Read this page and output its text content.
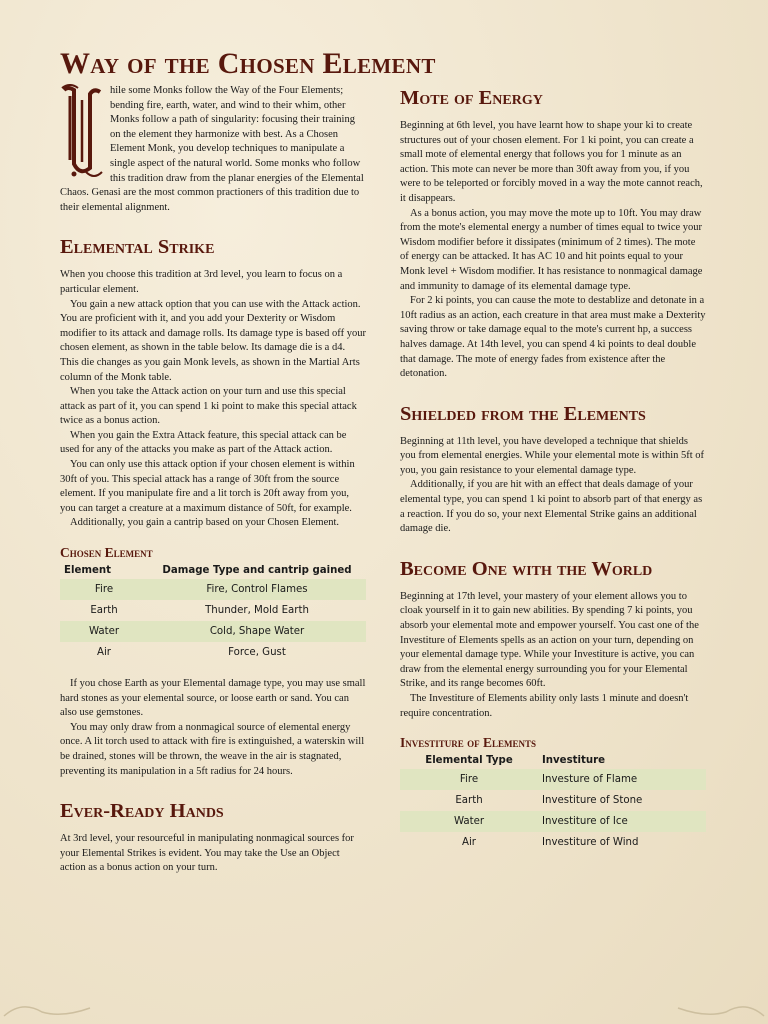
Way of the Chosen Element

hile some Monks follow the Way of the Four Elements; bending fire, earth, water, and wind to their whim, other Monks follow a path of singularity: focusing their training on the element they harmonize with best. As a Chosen Element Monk, you develop techniques to manipulate a single aspect of the natural world. Some monks who follow this tradition draw from the planar energies of the Elemental Chaos. Genasi are the most common practioners of this tradition due to their elemental alignment.

Elemental Strike

When you choose this tradition at 3rd level, you learn to focus on a particular element.

You gain a new attack option that you can use with the Attack action. You are proficient with it, and you add your Dexterity or Wisdom modifier to its attack and damage rolls. Its damage type is based off your chosen element, as shown in the table below. Its damage die is a d4. This die changes as you gain Monk levels, as shown in the Martial Arts column of the Monk table.

When you take the Attack action on your turn and use this special attack as part of it, you can spend 1 ki point to make this special attack twice as a bonus action.

When you gain the Extra Attack feature, this special attack can be used for any of the attacks you make as part of the Attack action.

You can only use this attack option if your chosen element is within 30ft of you. This special attack has a range of 30ft from the source element. If you manipulate fire and a lit torch is 20ft away from you, you can target a creature at a maximum distance of 50ft, for example.

Additionally, you gain a cantrip based on your Chosen Element.

Chosen Element
Element	Damage Type and cantrip gained
Fire	Fire, Control Flames
Earth	Thunder, Mold Earth
Water	Cold, Shape Water
Air	Force, Gust

If you chose Earth as your Elemental damage type, you may use small hard stones as your elemental source, or loose earth or sand. You can also use gemstones.

You may only draw from a nonmagical source of elemental energy once. A lit torch used to attack with fire is extinguished, a waterskin will be drained, stones will be thrown, the weave in the air is stagnated, preventing its manipulation in a 5ft radius for 24 hours.

Ever-Ready Hands

At 3rd level, your resourceful in manipulating nonmagical sources for your Elemental Strikes is evident. You may take the Use an Object action as a bonus action on your turn.

Mote of Energy

Beginning at 6th level, you have learnt how to shape your ki to create structures out of your chosen element. For 1 ki point, you can create a small mote of elemental energy that follows you for 1 minute as an action. This mote can never be more than 30ft away from you, if you were to be teleported or forcibly moved in a way the mote cannot reach, it disappears.

As a bonus action, you may move the mote up to 10ft. You may draw from the mote's elemental energy a number of times equal to twice your Wisdom modifier before it dissipates (minimum of 2 times). The mote of energy can be attacked. It has AC 10 and hit points equal to your Monk level + Wisdom modifier. It has resistance to nonmagical damage and immunity to damage of its elemental damage type.

For 2 ki points, you can cause the mote to destablize and detonate in a 10ft radius as an action, each creature in that area must make a Dexterity saving throw or take damage equal to the mote's current hp, a success halves damage. At 14th level, you can spend 4 ki points to deal double that damage. The mote of energy fades from existence after the detonation.

Shielded from the Elements

Beginning at 11th level, you have developed a technique that shields you from elemental energies. While your elemental mote is within 5ft of you, you gain resistance to your elemental damage type.

Additionally, if you are hit with an effect that deals damage of your elemental type, you can spend 1 ki point to absorb part of that energy as a reaction. If you do so, your next Elemental Strike gains an additional damage die.

Become One with the World

Beginning at 17th level, your mastery of your element allows you to cloak yourself in it to gain new abilities. By spending 7 ki points, you absorb your elemental mote and empower yourself. You cast one of the Investiture of Elements spells as an action on your turn, depending on your elemental damage type. While your Investiture is active, you can draw from the elemental energy surrounding you for your Elemental Strike, and its range becomes 60ft.

The Investiture of Elements ability only lasts 1 minute and doesn't require concentration.

Investiture of Elements
Elemental Type	Investiture
Fire	Investure of Flame
Earth	Investiture of Stone
Water	Investiture of Ice
Air	Investiture of Wind
